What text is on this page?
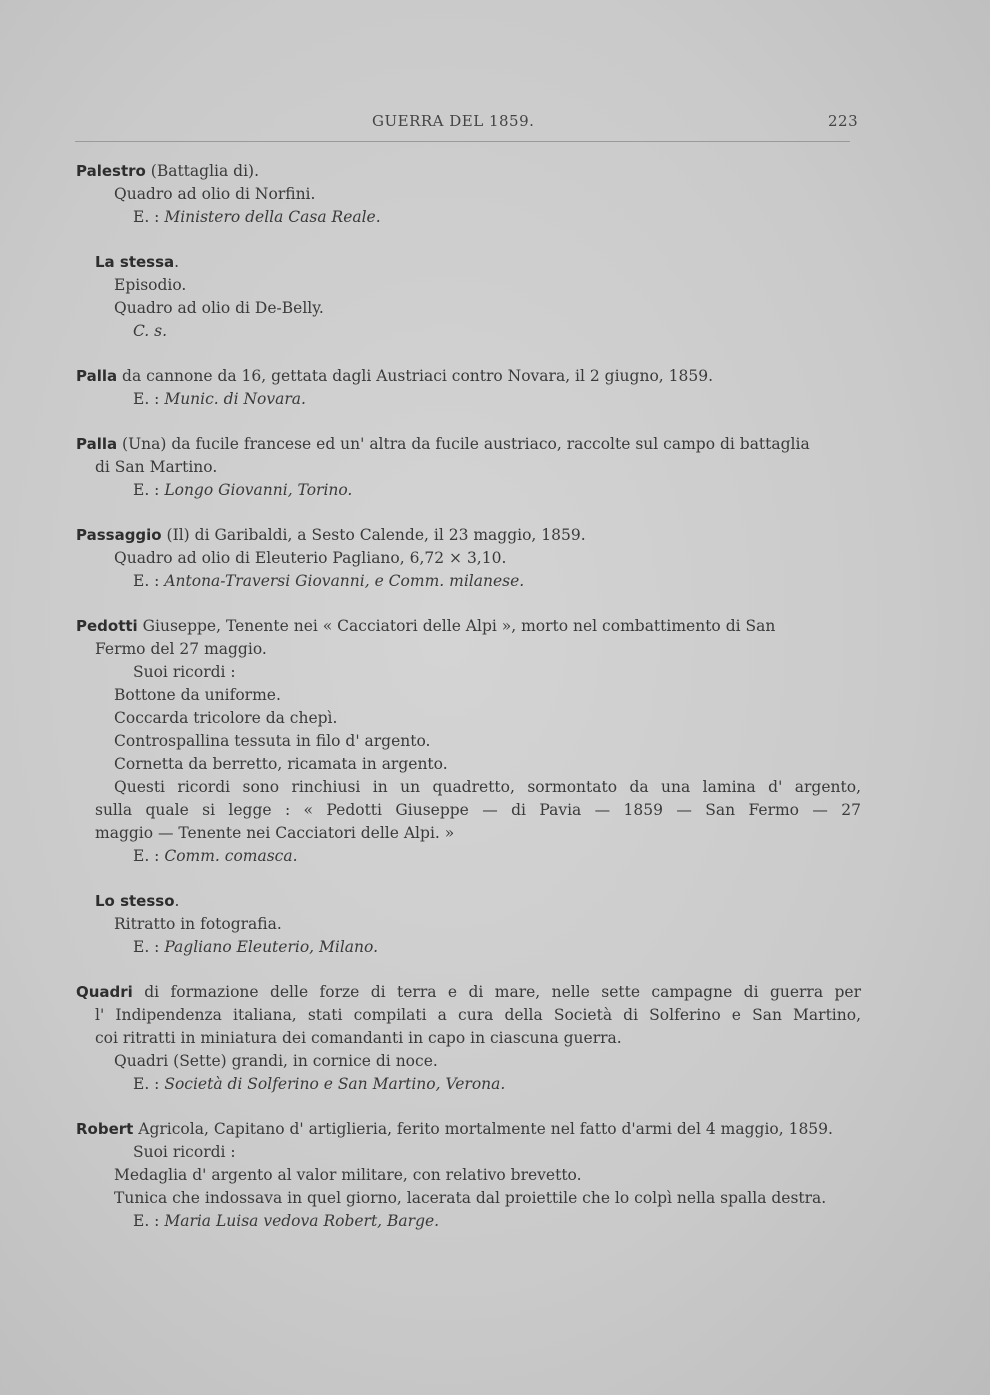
GUERRA DEL 1859.	223
Palestro (Battaglia di).
Quadro ad olio di Norfini.
E. : Ministero della Casa Reale.
La stessa.
Episodio.
Quadro ad olio di De-Belly.
C. s.
Palla da cannone da 16, gettata dagli Austriaci contro Novara, il 2 giugno, 1859.
E. : Munic. di Novara.
Palla (Una) da fucile francese ed un' altra da fucile austriaco, raccolte sul campo di battaglia
di San Martino.
E. : Longo Giovanni, Torino.
Passaggio (Il) di Garibaldi, a Sesto Calende, il 23 maggio, 1859.
Quadro ad olio di Eleuterio Pagliano, 6,72 × 3,10.
E. : Antona-Traversi Giovanni, e Comm. milanese.
Pedotti Giuseppe, Tenente nei « Cacciatori delle Alpi », morto nel combattimento di San
Fermo del 27 maggio.
Suoi ricordi :
Bottone da uniforme.
Coccarda tricolore da chepì.
Controspallina tessuta in filo d' argento.
Cornetta da berretto, ricamata in argento.
Questi ricordi sono rinchiusi in un quadretto, sormontato da una lamina d' argento,
sulla quale si legge : « Pedotti Giuseppe — di Pavia — 1859 — San Fermo — 27
maggio — Tenente nei Cacciatori delle Alpi. »
E. : Comm. comasca.
Lo stesso.
Ritratto in fotografia.
E. : Pagliano Eleuterio, Milano.
Quadri di formazione delle forze di terra e di mare, nelle sette campagne di guerra per
l' Indipendenza italiana, stati compilati a cura della Società di Solferino e San Martino,
coi ritratti in miniatura dei comandanti in capo in ciascuna guerra.
Quadri (Sette) grandi, in cornice di noce.
E. : Società di Solferino e San Martino, Verona.
Robert Agricola, Capitano d' artiglieria, ferito mortalmente nel fatto d'armi del 4 maggio, 1859.
Suoi ricordi :
Medaglia d' argento al valor militare, con relativo brevetto.
Tunica che indossava in quel giorno, lacerata dal proiettile che lo colpì nella spalla destra.
E. : Maria Luisa vedova Robert, Barge.
